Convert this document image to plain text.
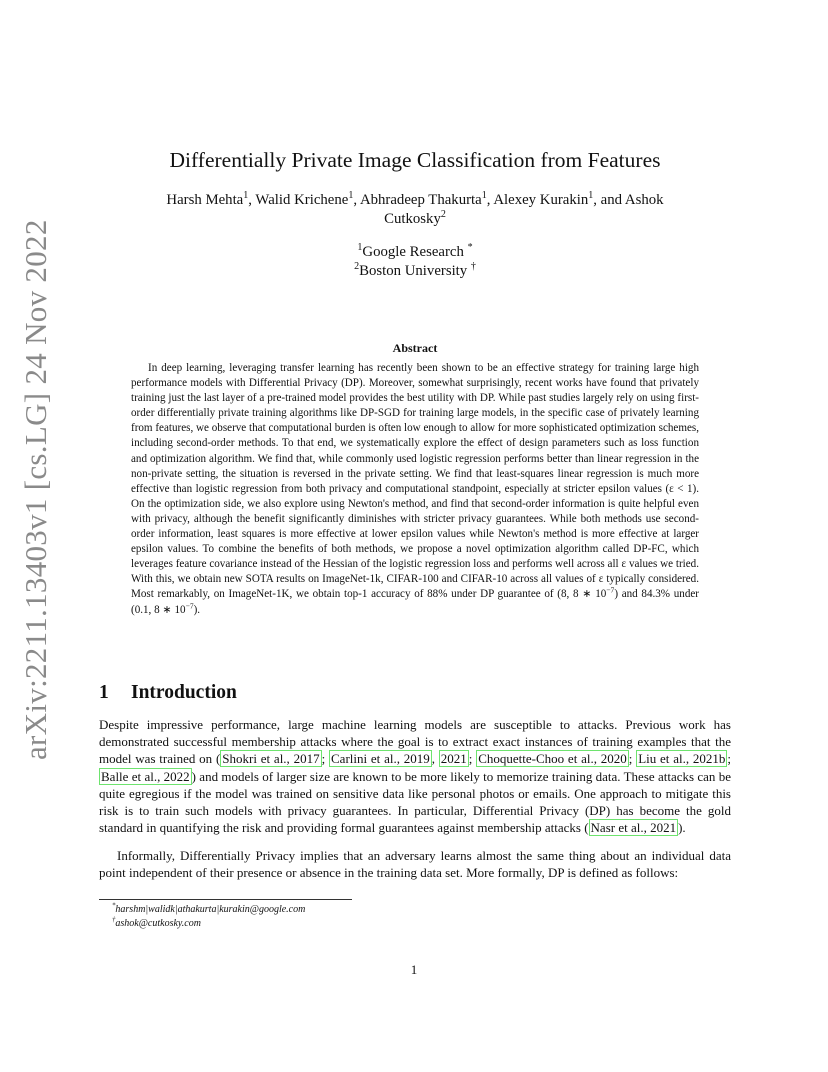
arXiv:2211.13403v1 [cs.LG] 24 Nov 2022
Differentially Private Image Classification from Features
Harsh Mehta$^1$, Walid Krichene$^1$, Abhradeep Thakurta$^1$, Alexey Kurakin$^1$, and Ashok
Cutkosky$^2$
$^1$Google Research *
$^2$Boston University †
Abstract
In deep learning, leveraging transfer learning has recently been shown to be an effective strategy for training large high performance models with Differential Privacy (DP). Moreover, somewhat surprisingly, recent works have found that privately training just the last layer of a pre-trained model provides the best utility with DP. While past studies largely rely on using first-order differentially private training algorithms like DP-SGD for training large models, in the specific case of privately learning from features, we observe that computational burden is often low enough to allow for more sophisticated optimization schemes, including second-order methods. To that end, we systematically explore the effect of design parameters such as loss function and optimization algorithm. We find that, while commonly used logistic regression performs better than linear regression in the non-private setting, the situation is reversed in the private setting. We find that least-squares linear regression is much more effective than logistic regression from both privacy and computational standpoint, especially at stricter epsilon values (ε < 1). On the optimization side, we also explore using Newton's method, and find that second-order information is quite helpful even with privacy, although the benefit significantly diminishes with stricter privacy guarantees. While both methods use second-order information, least squares is more effective at lower epsilon values while Newton's method is more effective at larger epsilon values. To combine the benefits of both methods, we propose a novel optimization algorithm called DP-FC, which leverages feature covariance instead of the Hessian of the logistic regression loss and performs well across all ε values we tried. With this, we obtain new SOTA results on ImageNet-1k, CIFAR-100 and CIFAR-10 across all values of ε typically considered. Most remarkably, on ImageNet-1K, we obtain top-1 accuracy of 88% under DP guarantee of (8, 8 ∗ $10^{-7}$) and 84.3% under (0.1, 8 ∗ $10^{-7}$).
1 Introduction
Despite impressive performance, large machine learning models are susceptible to attacks. Previous work has demonstrated successful membership attacks where the goal is to extract exact instances of training examples that the model was trained on ( Shokri et al., 2017 ; Carlini et al., 2019 , 2021 ; Choquette-Choo et al., 2020 ; Liu et al., 2021b ; Balle et al., 2022 ) and models of larger size are known to be more likely to memorize training data. These attacks can be quite egregious if the model was trained on sensitive data like personal photos or emails. One approach to mitigate this risk is to train such models with privacy guarantees. In particular, Differential Privacy (DP) has become the gold standard in quantifying the risk and providing formal guarantees against membership attacks ( Nasr et al., 2021 ).
Informally, Differentially Privacy implies that an adversary learns almost the same thing about an individual data point independent of their presence or absence in the training data set. More formally, DP is defined as follows:
*harshm|walidk|athakurta|kurakin@google.com
†ashok@cutkosky.com
1
